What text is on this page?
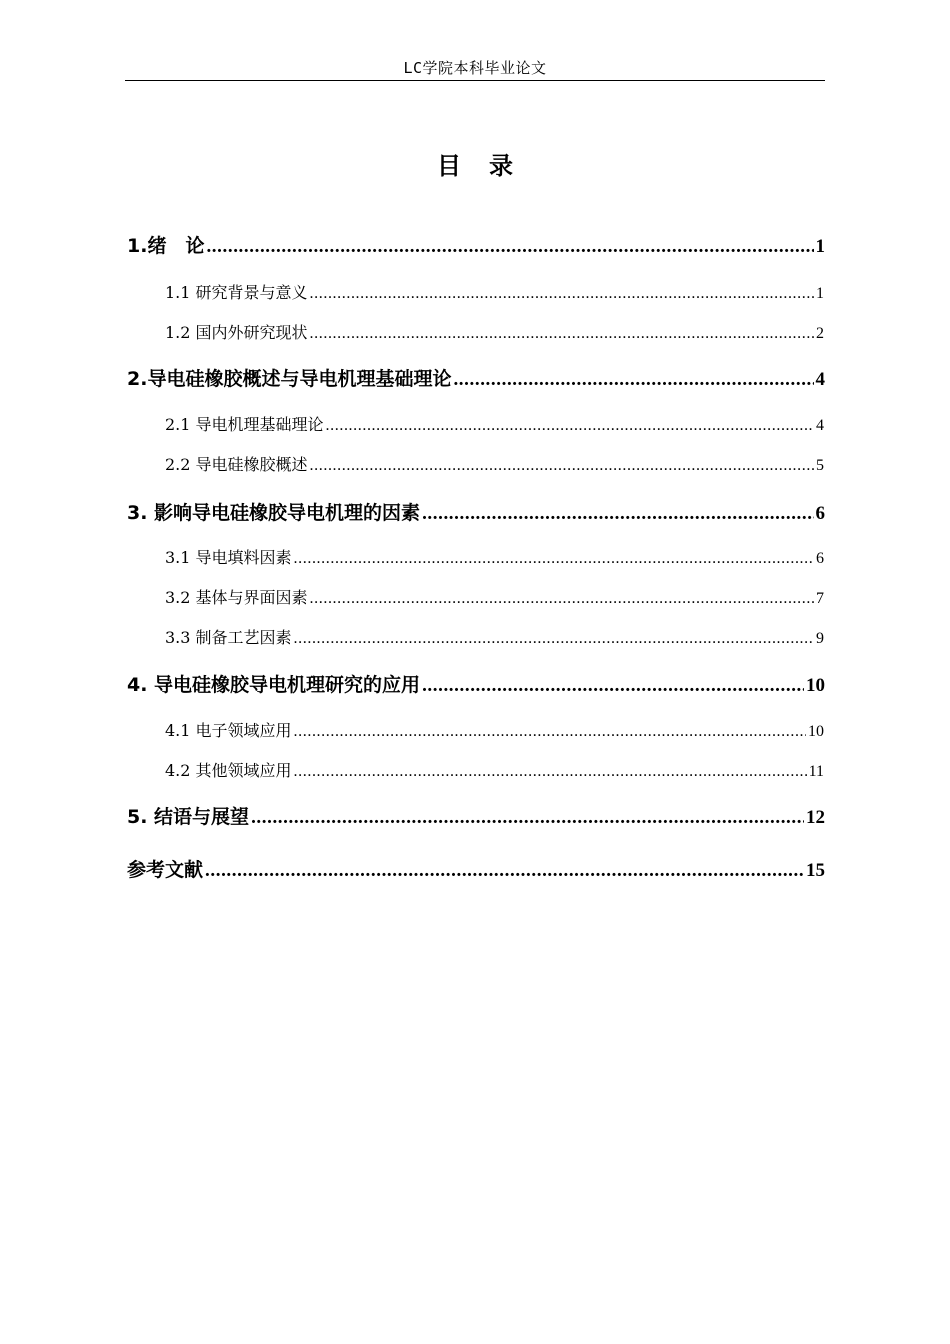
LC学院本科毕业论文
目录
1.绪　论 .....	1
1.1 研究背景与意义 .....	1
1.2 国内外研究现状 .....	2
2.导电硅橡胶概述与导电机理基础理论 .....	4
2.1 导电机理基础理论 .....	4
2.2 导电硅橡胶概述 .....	5
3. 影响导电硅橡胶导电机理的因素 .....	6
3.1 导电填料因素 .....	6
3.2 基体与界面因素 .....	7
3.3 制备工艺因素 .....	9
4. 导电硅橡胶导电机理研究的应用 .....	10
4.1 电子领域应用 .....	10
4.2 其他领域应用 .....	11
5. 结语与展望 .....	12
参考文献 .....	15
